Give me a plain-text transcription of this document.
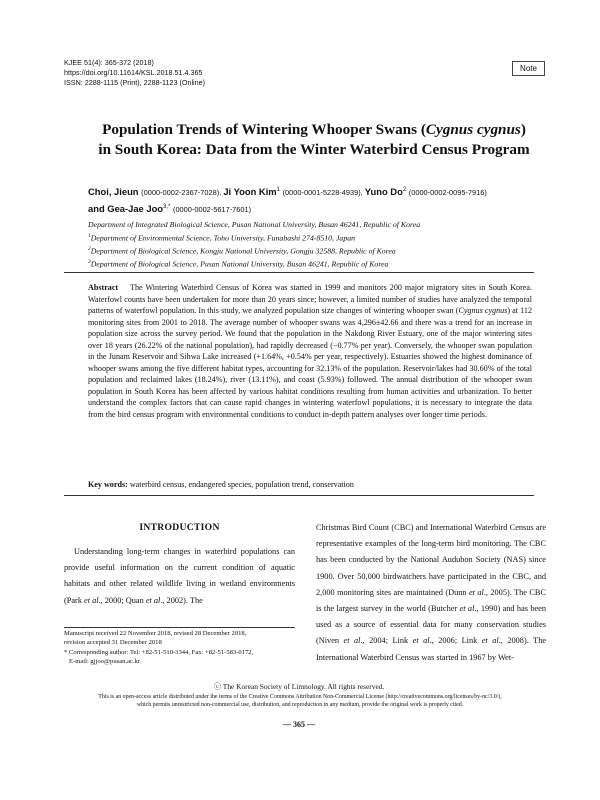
KJEE 51(4): 365-372 (2018)
https://doi.org/10.11614/KSL.2018.51.4.365
ISSN: 2288-1115 (Print), 2288-1123 (Online)
Note
Population Trends of Wintering Whooper Swans (Cygnus cygnus)
in South Korea: Data from the Winter Waterbird Census Program
Choi, Jieun (0000-0002-2367-7028), Ji Yoon Kim$^1$ (0000-0001-5228-4939), Yuno Do$^2$ (0000-0002-0095-7916)
and Gea-Jae Joo$^{3,*}$ (0000-0002-5617-7601)
Department of Integrated Biological Science, Pusan National University, Busan 46241, Republic of Korea
$^1$Department of Environmental Science, Toho University, Funabashi 274-8510, Japan
$^2$Department of Biological Science, Kongju National University, Gongju 32588, Republic of Korea
$^3$Department of Biological Science, Pusan National University, Busan 46241, Republic of Korea
Abstract The Wintering Waterbird Census of Korea was started in 1999 and monitors 200 major migratory sites in South Korea. Waterfowl counts have been undertaken for more than 20 years since; however, a limited number of studies have analyzed the temporal patterns of waterfowl population. In this study, we analyzed population size changes of wintering whooper swan (Cygnus cygnus) at 112 monitoring sites from 2001 to 2018. The average number of whooper swans was 4,296±42.66 and there was a trend for an increase in population size across the survey period. We found that the population in the Nakdong River Estuary, one of the major wintering sites over 18 years (26.22% of the national population), had rapidly decreased (−0.77% per year). Conversely, the whooper swan population in the Junam Reservoir and Sihwa Lake increased (+1.64%, +0.54% per year, respectively). Estuaries showed the highest dominance of whooper swans among the five different habitat types, accounting for 32.13% of the population. Reservoir/lakes had 30.60% of the total population and reclaimed lakes (18.24%), river (13.11%), and coast (5.93%) followed. The annual distribution of the whooper swan population in South Korea has been affected by various habitat conditions resulting from human activities and urbanization. To better understand the complex factors that can cause rapid changes in wintering waterfowl populations, it is necessary to integrate the data from the bird census program with environmental conditions to conduct in-depth pattern analyses over longer time periods.
Key words: waterbird census, endangered species, population trend, conservation
INTRODUCTION

Understanding long-term changes in waterbird populations can provide useful information on the current condition of aquatic habitats and other related wildlife living in wetland environments (Park et al., 2000; Quan et al., 2002). The

Christmas Bird Count (CBC) and International Waterbird Census are representative examples of the long-term bird monitoring. The CBC has been conducted by the National Audubon Society (NAS) since 1900. Over 50,000 birdwatchers have participated in the CBC, and 2,000 monitoring sites are maintained (Dunn et al., 2005). The CBC is the largest survey in the world (Butcher et al., 1990) and has been used as a source of essential data for many conservation studies (Niven et al., 2004; Link et al., 2006; Link et al., 2008). The International Waterbird Census was started in 1967 by Wet-

Manuscript received 22 November 2018, revised 28 December 2018,
revision accepted 31 December 2018
* Corresponding author: Tel: +82-51-510-3344, Fax: +82-51-583-0172,
E-mail: gjjoo@pusan.ac.kr
ⓒ The Korean Society of Limnology. All rights reserved.
This is an open-access article distributed under the terms of the Creative Commons Attribution Non-Commercial License (http://creativecommons.org/licenses/by-nc/3.0/),
which permits unrestricted non-commercial use, distribution, and reproduction in any medium, provide the original work is properly cited.
— 365 —
